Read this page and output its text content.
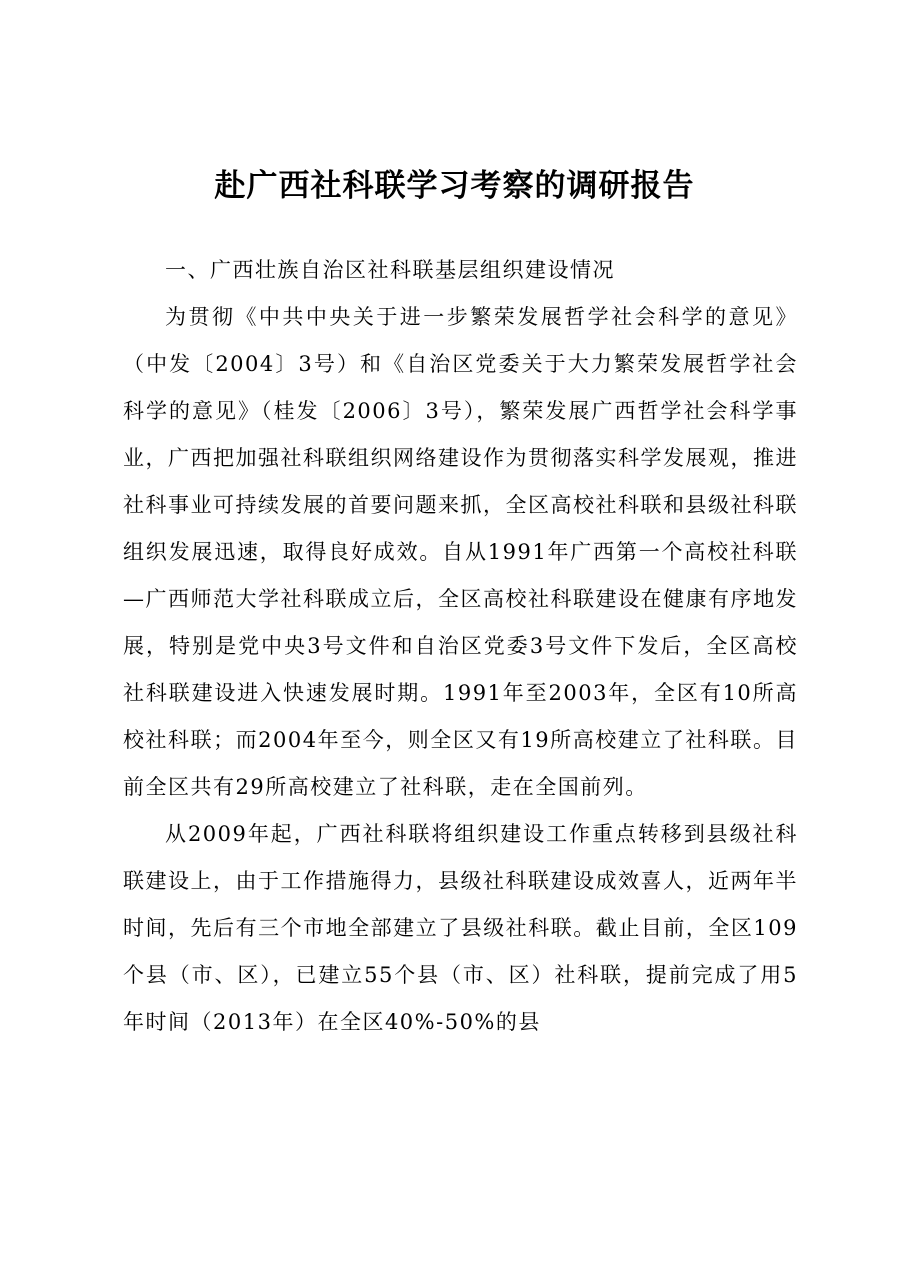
赴广西社科联学习考察的调研报告

一、广西壮族自治区社科联基层组织建设情况

为贯彻《中共中央关于进一步繁荣发展哲学社会科学的意见》（中发〔2004〕3号）和《自治区党委关于大力繁荣发展哲学社会科学的意见》（桂发〔2006〕3号），繁荣发展广西哲学社会科学事业，广西把加强社科联组织网络建设作为贯彻落实科学发展观，推进社科事业可持续发展的首要问题来抓，全区高校社科联和县级社科联组织发展迅速，取得良好成效。自从1991年广西第一个高校社科联—广西师范大学社科联成立后，全区高校社科联建设在健康有序地发展，特别是党中央3号文件和自治区党委3号文件下发后，全区高校社科联建设进入快速发展时期。1991年至2003年，全区有10所高校社科联；而2004年至今，则全区又有19所高校建立了社科联。目前全区共有29所高校建立了社科联，走在全国前列。

从2009年起，广西社科联将组织建设工作重点转移到县级社科联建设上，由于工作措施得力，县级社科联建设成效喜人，近两年半时间，先后有三个市地全部建立了县级社科联。截止目前，全区109个县（市、区），已建立55个县（市、区）社科联，提前完成了用5年时间（2013年）在全区40%-50%的县
